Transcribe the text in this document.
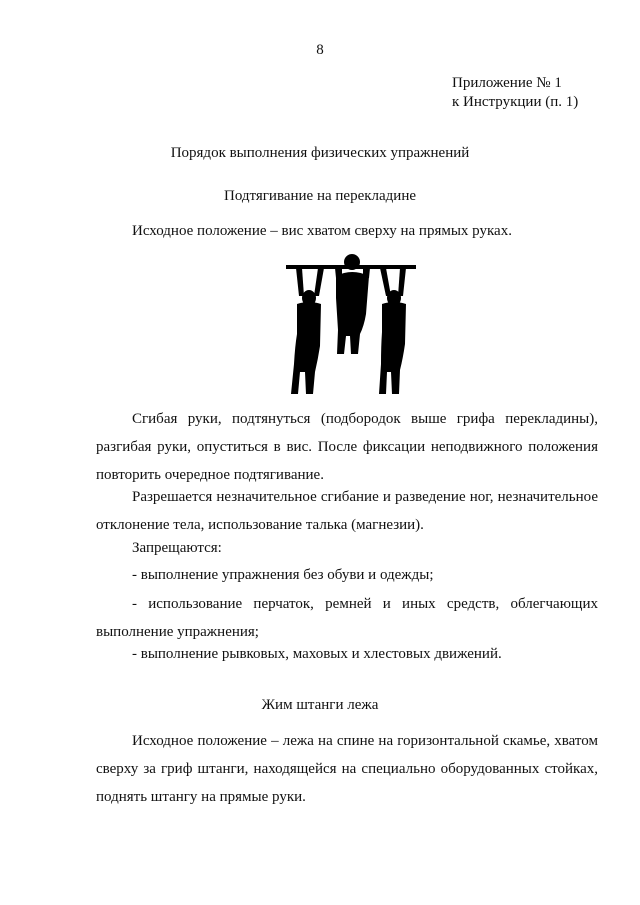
8
Приложение № 1
к Инструкции (п. 1)
Порядок выполнения физических упражнений
Подтягивание на перекладине
Исходное положение – вис хватом сверху на прямых руках.
Сгибая руки, подтянуться (подбородок выше грифа перекладины), разгибая руки, опуститься в вис. После фиксации неподвижного положения повторить очередное подтягивание.
Разрешается незначительное сгибание и разведение ног, незначительное отклонение тела, использование талька (магнезии).
Запрещаются:
- выполнение упражнения без обуви и одежды;
- использование перчаток, ремней и иных средств, облегчающих выполнение упражнения;
- выполнение рывковых, маховых и хлестовых движений.
Жим штанги лежа
Исходное положение – лежа на спине на горизонтальной скамье, хватом сверху за гриф штанги, находящейся на специально оборудованных стойках, поднять штангу на прямые руки.
